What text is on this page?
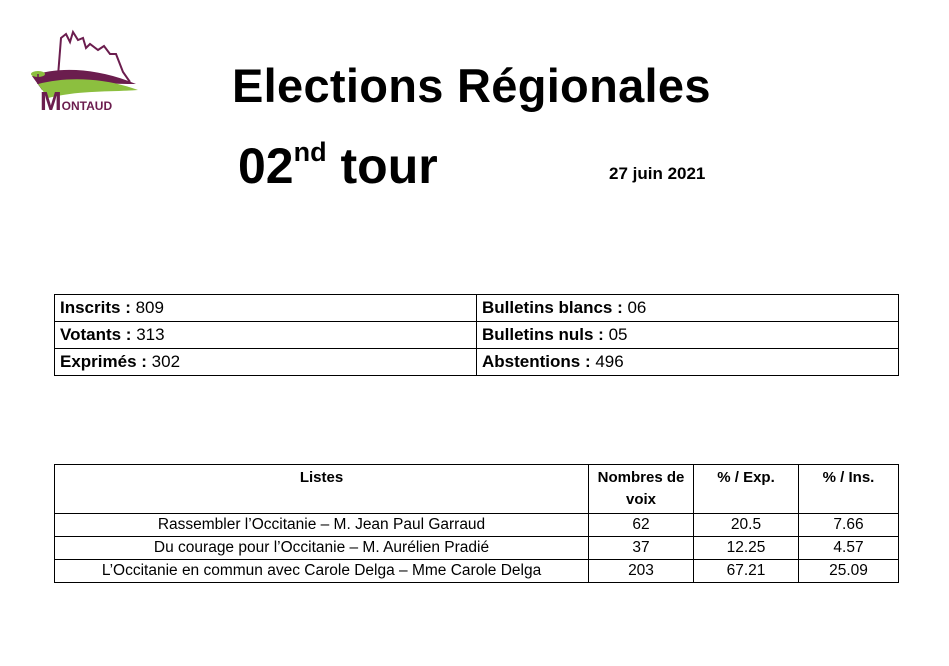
MONTAUD	Elections Régionales
02nd tour	27 juin 2021
Inscrits : 809	Bulletins blancs : 06
Votants : 313	Bulletins nuls : 05
Exprimés : 302	Abstentions : 496
Listes	Nombres de voix	% / Exp.	% / Ins.
Rassembler l’Occitanie – M. Jean Paul Garraud	62	20.5	7.66
Du courage pour l’Occitanie – M. Aurélien Pradié	37	12.25	4.57
L’Occitanie en commun avec Carole Delga – Mme Carole Delga	203	67.21	25.09
